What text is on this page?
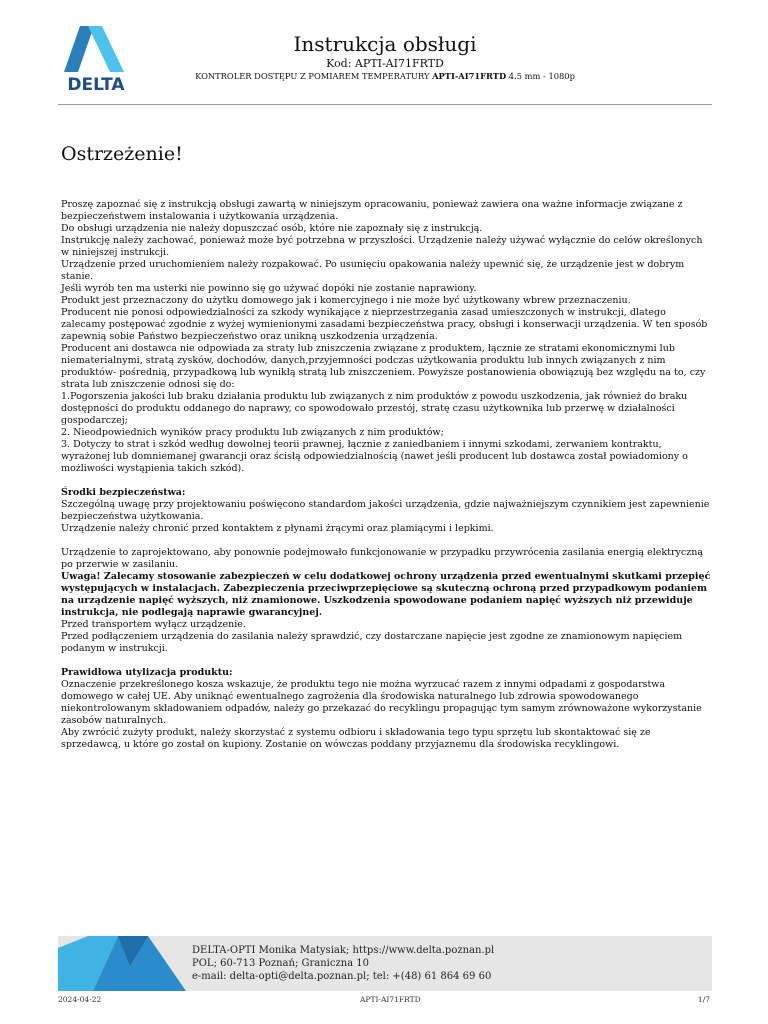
DELTA
Instrukcja obsługi
Kod: APTI-AI71FRTD
KONTROLER DOSTĘPU Z POMIAREM TEMPERATURY APTI-AI71FRTD 4.5 mm - 1080p
Ostrzeżenie!

Proszę zapoznać się z instrukcją obsługi zawartą w niniejszym opracowaniu, ponieważ zawiera ona ważne informacje związane z bezpieczeństwem instalowania i użytkowania urządzenia.

Do obsługi urządzenia nie należy dopuszczać osób, które nie zapoznały się z instrukcją.

Instrukcję należy zachować, ponieważ może być potrzebna w przyszłości. Urządzenie należy używać wyłącznie do celów określonych w niniejszej instrukcji.

Urządzenie przed uruchomieniem należy rozpakować. Po usunięciu opakowania należy upewnić się, że urządzenie jest w dobrym stanie.

Jeśli wyrób ten ma usterki nie powinno się go używać dopóki nie zostanie naprawiony.

Produkt jest przeznaczony do użytku domowego jak i komercyjnego i nie może być użytkowany wbrew przeznaczeniu.

Producent nie ponosi odpowiedzialności za szkody wynikające z nieprzestrzegania zasad umieszczonych w instrukcji, dlatego zalecamy postępować zgodnie z wyżej wymienionymi zasadami bezpieczeństwa pracy, obsługi i konserwacji urządzenia. W ten sposób zapewnią sobie Państwo bezpieczeństwo oraz unikną uszkodzenia urządzenia.

Producent ani dostawca nie odpowiada za straty lub zniszczenia związane z produktem, łącznie ze stratami ekonomicznymi lub niematerialnymi, stratą zysków, dochodów, danych,przyjemności podczas użytkowania produktu lub innych związanych z nim produktów- pośrednią, przypadkową lub wynikłą stratą lub zniszczeniem. Powyższe postanowienia obowiązują bez względu na to, czy strata lub zniszczenie odnosi się do:

1.Pogorszenia jakości lub braku działania produktu lub związanych z nim produktów z powodu uszkodzenia, jak również do braku dostępności do produktu oddanego do naprawy, co spowodowało przestój, stratę czasu użytkownika lub przerwę w działalności gospodarczej;

2. Nieodpowiednich wyników pracy produktu lub związanych z nim produktów;

3. Dotyczy to strat i szkód według dowolnej teorii prawnej, łącznie z zaniedbaniem i innymi szkodami, zerwaniem kontraktu, wyrażonej lub domniemanej gwarancji oraz ścisłą odpowiedzialnością (nawet jeśli producent lub dostawca został powiadomiony o możliwości wystąpienia takich szkód).

Środki bezpieczeństwa:

Szczególną uwagę przy projektowaniu poświęcono standardom jakości urządzenia, gdzie najważniejszym czynnikiem jest zapewnienie bezpieczeństwa użytkowania.

Urządzenie należy chronić przed kontaktem z płynami żrącymi oraz plamiącymi i lepkimi.

Urządzenie to zaprojektowano, aby ponownie podejmowało funkcjonowanie w przypadku przywrócenia zasilania energią elektryczną po przerwie w zasilaniu.

Uwaga! Zalecamy stosowanie zabezpieczeń w celu dodatkowej ochrony urządzenia przed ewentualnymi skutkami przepięć występujących w instalacjach. Zabezpieczenia przeciwprzepięciowe są skuteczną ochroną przed przypadkowym podaniem na urządzenie napięć wyższych, niż znamionowe. Uszkodzenia spowodowane podaniem napięć wyższych niż przewiduje instrukcja, nie podlegają naprawie gwarancyjnej.

Przed transportem wyłącz urządzenie.

Przed podłączeniem urządzenia do zasilania należy sprawdzić, czy dostarczane napięcie jest zgodne ze znamionowym napięciem podanym w instrukcji.

Prawidłowa utylizacja produktu:

Oznaczenie przekreślonego kosza wskazuje, że produktu tego nie można wyrzucać razem z innymi odpadami z gospodarstwa domowego w całej UE. Aby uniknąć ewentualnego zagrożenia dla środowiska naturalnego lub zdrowia spowodowanego niekontrolowanym składowaniem odpadów, należy go przekazać do recyklingu propagując tym samym zrównoważone wykorzystanie zasobów naturalnych.

Aby zwrócić zużyty produkt, należy skorzystać z systemu odbioru i składowania tego typu sprzętu lub skontaktować się ze sprzedawcą, u które go został on kupiony. Zostanie on wówczas poddany przyjaznemu dla środowiska recyklingowi.

DELTA-OPTI Monika Matysiak; https://www.delta.poznan.pl
POL; 60-713 Poznań; Graniczna 10
e-mail: delta-opti@delta.poznan.pl; tel: +(48) 61 864 69 60
2024-04-22	APTI-AI71FRTD	1/7
